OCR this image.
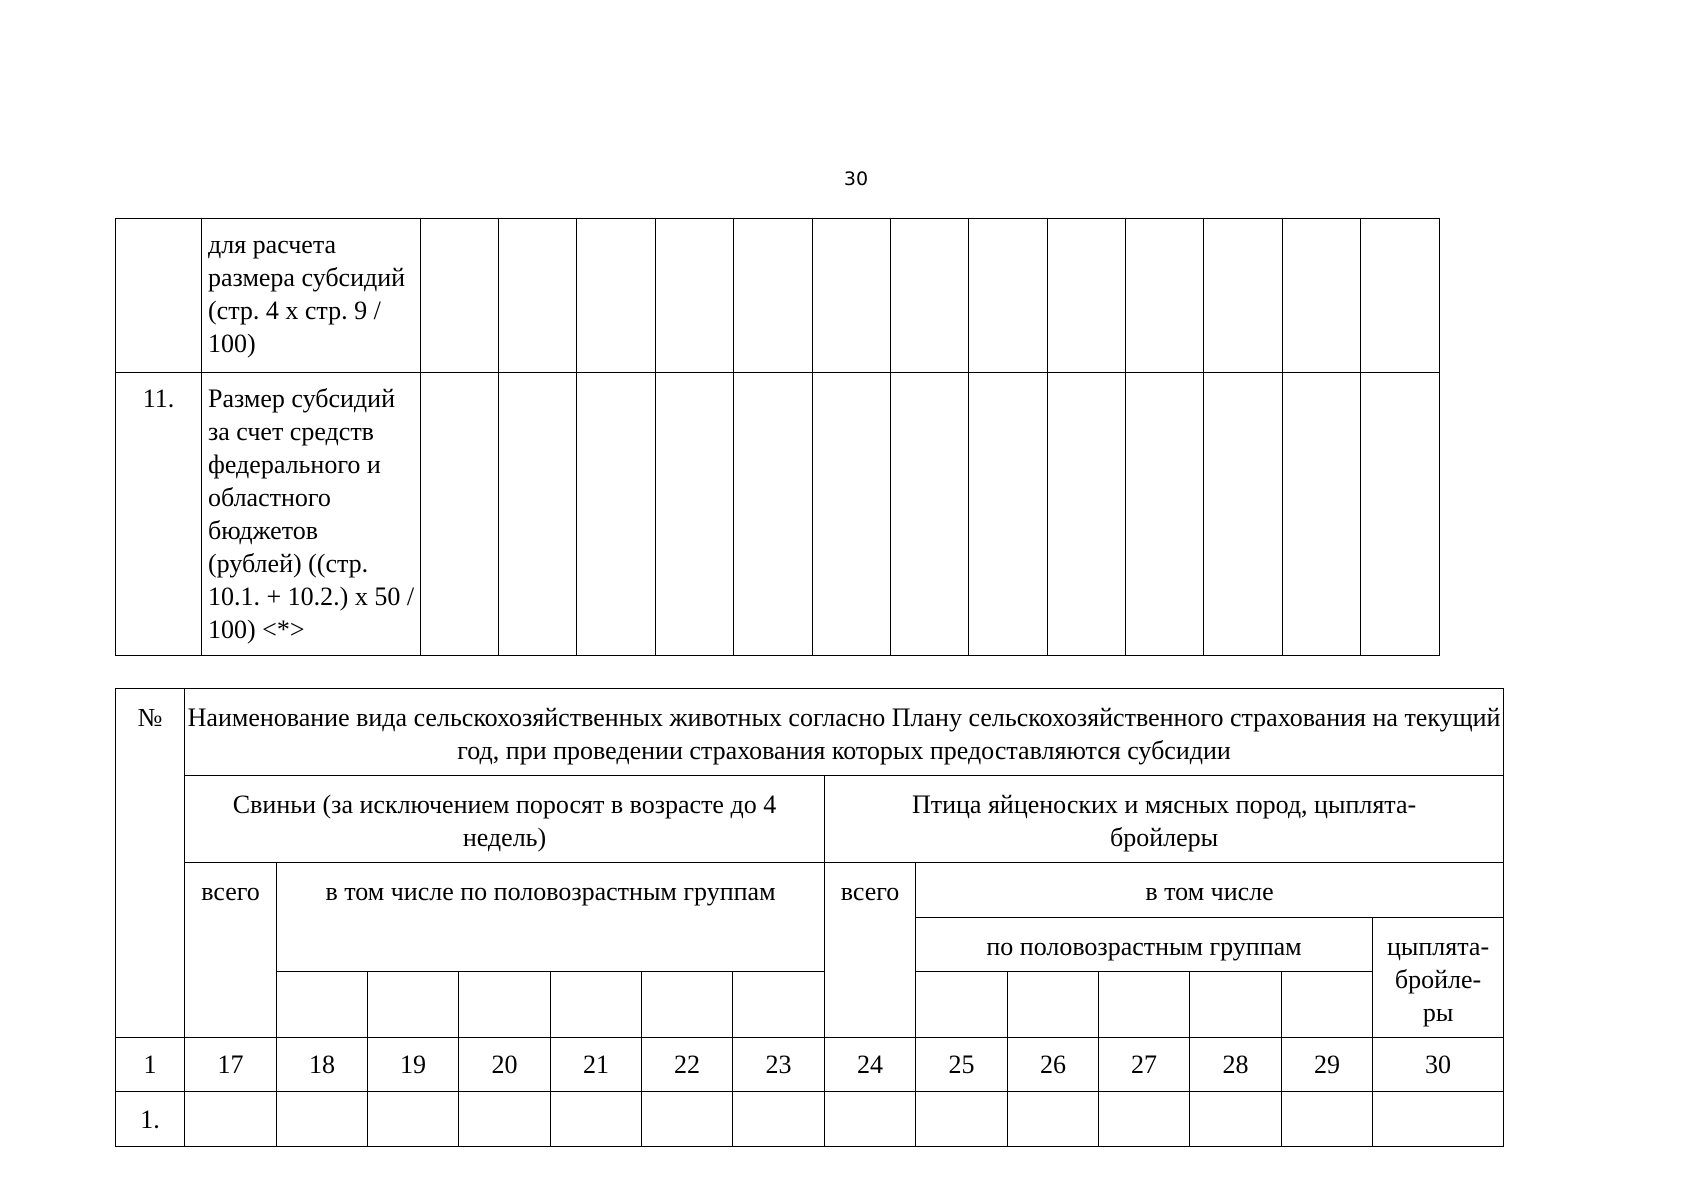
30
	для расчета размера субсидий (стр. 4 х стр. 9 / 100)													
11.	Размер субсидий за счет средств федерального и областного бюджетов (рублей) ((стр. 10.1. + 10.2.) х 50 / 100) <*>													
№	Наименование вида сельскохозяйственных животных согласно Плану сельскохозяйственного страхования на текущий год, при проведении страхования которых предоставляются субсидии													
	Свиньи (за исключением поросят в возрасте до 4 недель)							Птица яйценоских и мясных пород, цыплята-бройлеры						
	всего	в том числе по половозрастным группам						всего	в том числе					
									по половозрастным группам					цыплята-бройле-ры

1	17	18	19	20	21	22	23	24	25	26	27	28	29	30
1.														
